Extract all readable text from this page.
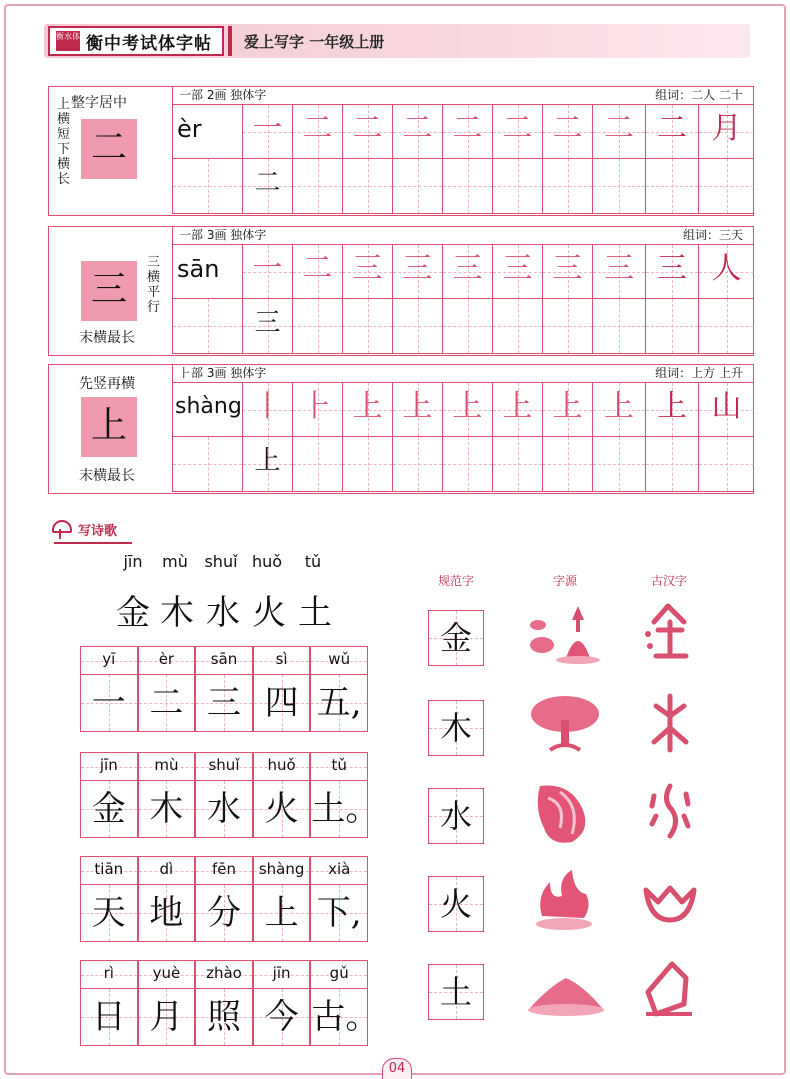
衡水体 衡中考试体字帖 爱上写字 一年级上册
整字居中
上横短下横长
二
一部 2画 独体字	组词：二人 二十
èr	一 二 二 二 二 二 二 二 二 月
二
三
三横平行
末横最长
一部 3画 独体字	组词：三天
sān	一 二 三 三 三 三 三 三 三 人
三
先竖再横
上
末横最长
⺊部 3画 独体字	组词：上方 上升
shàng 丨 ⺊ 上 上 上 上 上 上 上 山
上
写诗歌
jīn	mù	shuǐ huǒ	tǔ
金 木 水 火 土
yī	èr	sān	sì	wǔ
一 二 三 四 五,
jīn	mù	shuǐ	huǒ	tǔ
金 木 水 火 土。
tiān	dì	fēn	shàng	xià
天 地 分 上 下,
rì	yuè	zhào	jīn	gǔ
日 月 照 今 古。
规范字	字源	古汉字
金
木
水
火
土
04
